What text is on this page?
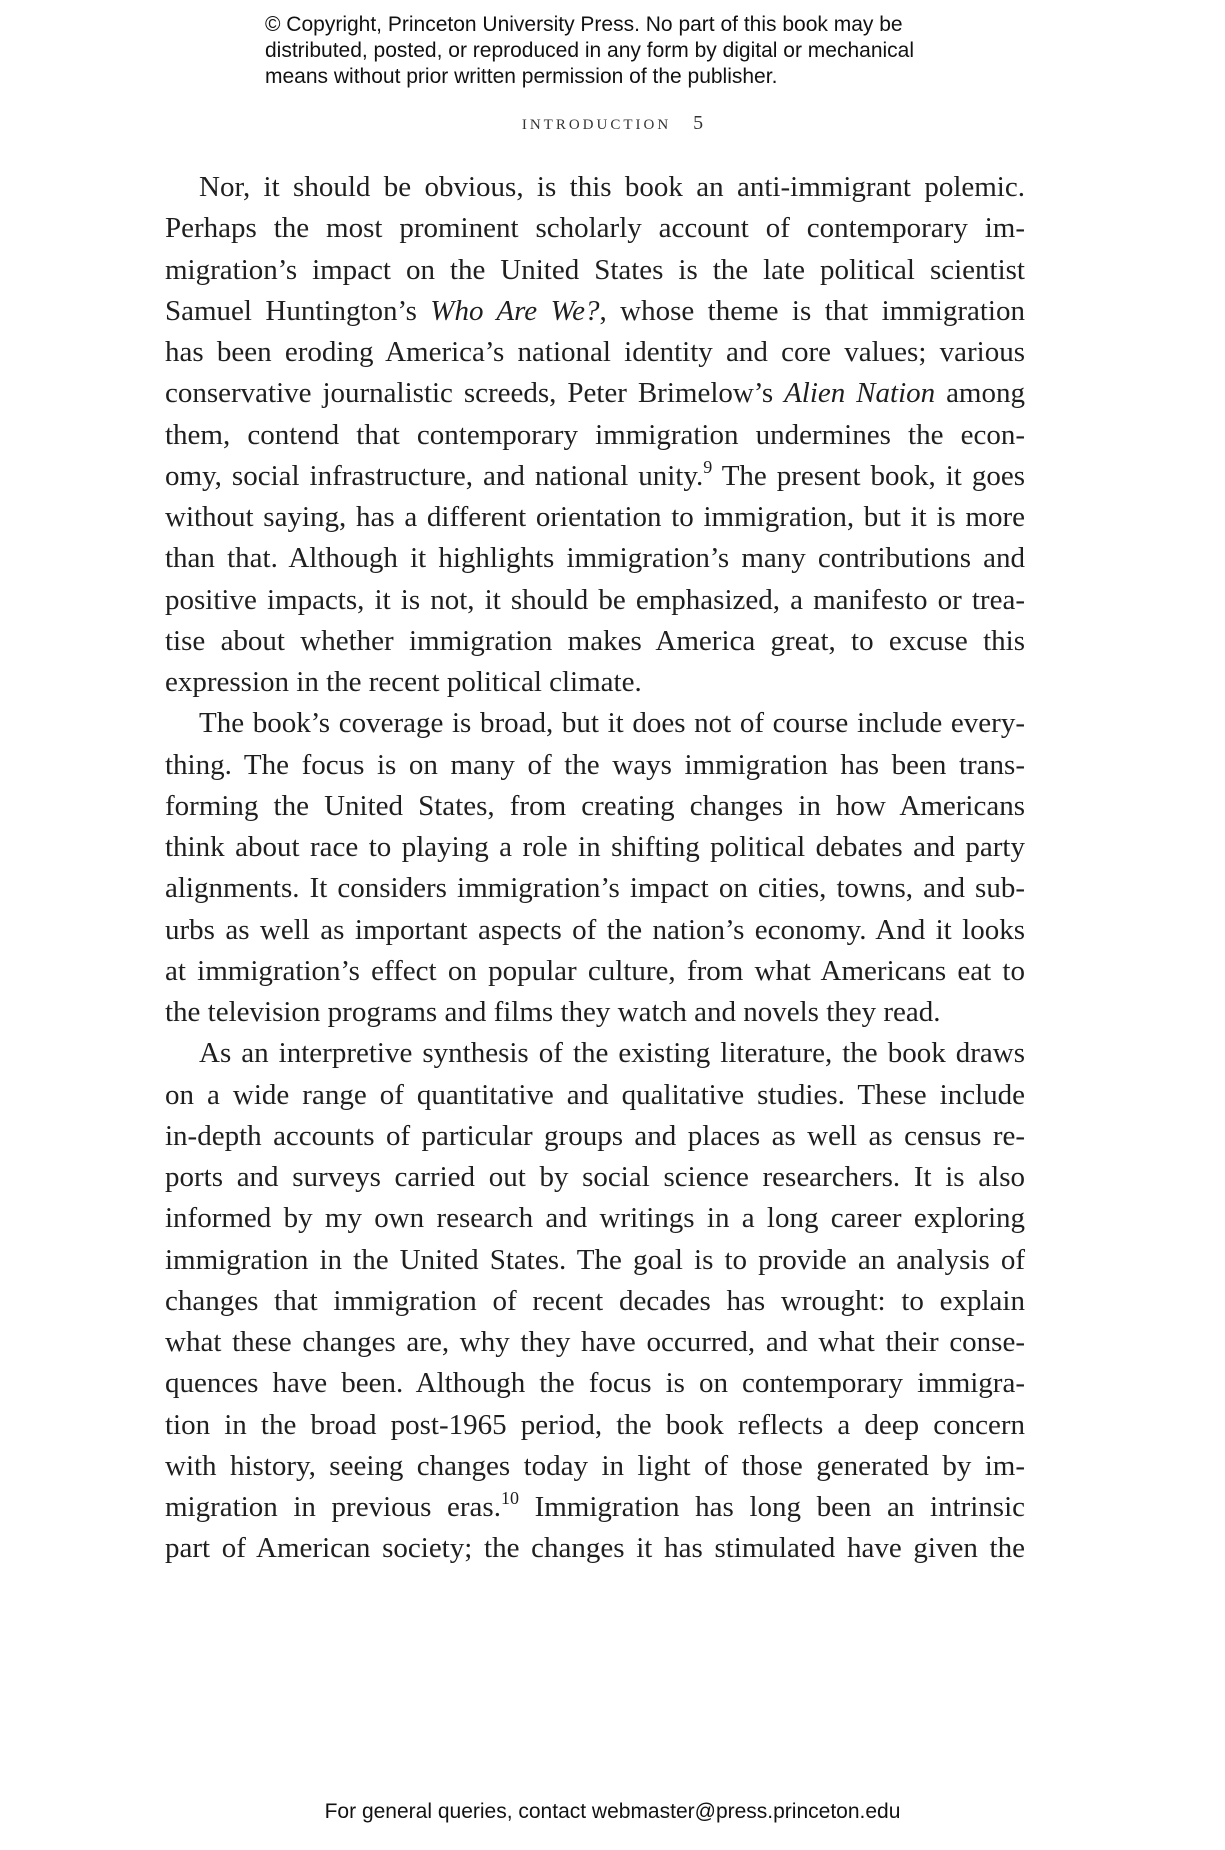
© Copyright, Princeton University Press. No part of this book may be
distributed, posted, or reproduced in any form by digital or mechanical
means without prior written permission of the publisher.
INTRODUCTION 5
Nor, it should be obvious, is this book an anti-immigrant polemic.
Perhaps the most prominent scholarly account of contemporary im-
migration’s impact on the United States is the late political scientist
Samuel Huntington’s Who Are We?, whose theme is that immigration
has been eroding America’s national identity and core values; various
conservative journalistic screeds, Peter Brimelow’s Alien Nation among
them, contend that contemporary immigration undermines the econ-
omy, social infrastructure, and national unity.$^9$ The present book, it goes
without saying, has a different orientation to immigration, but it is more
than that. Although it highlights immigration’s many contributions and
positive impacts, it is not, it should be emphasized, a manifesto or trea-
tise about whether immigration makes America great, to excuse this
expression in the recent political climate.
The book’s coverage is broad, but it does not of course include every-
thing. The focus is on many of the ways immigration has been trans-
forming the United States, from creating changes in how Americans
think about race to playing a role in shifting political debates and party
alignments. It considers immigration’s impact on cities, towns, and sub-
urbs as well as important aspects of the nation’s economy. And it looks
at immigration’s effect on popular culture, from what Americans eat to
the television programs and films they watch and novels they read.
As an interpretive synthesis of the existing literature, the book draws
on a wide range of quantitative and qualitative studies. These include
in-depth accounts of particular groups and places as well as census re-
ports and surveys carried out by social science researchers. It is also
informed by my own research and writings in a long career exploring
immigration in the United States. The goal is to provide an analysis of
changes that immigration of recent decades has wrought: to explain
what these changes are, why they have occurred, and what their conse-
quences have been. Although the focus is on contemporary immigra-
tion in the broad post-1965 period, the book reflects a deep concern
with history, seeing changes today in light of those generated by im-
migration in previous eras.$^{10}$ Immigration has long been an intrinsic
part of American society; the changes it has stimulated have given the
For general queries, contact webmaster@press.princeton.edu
